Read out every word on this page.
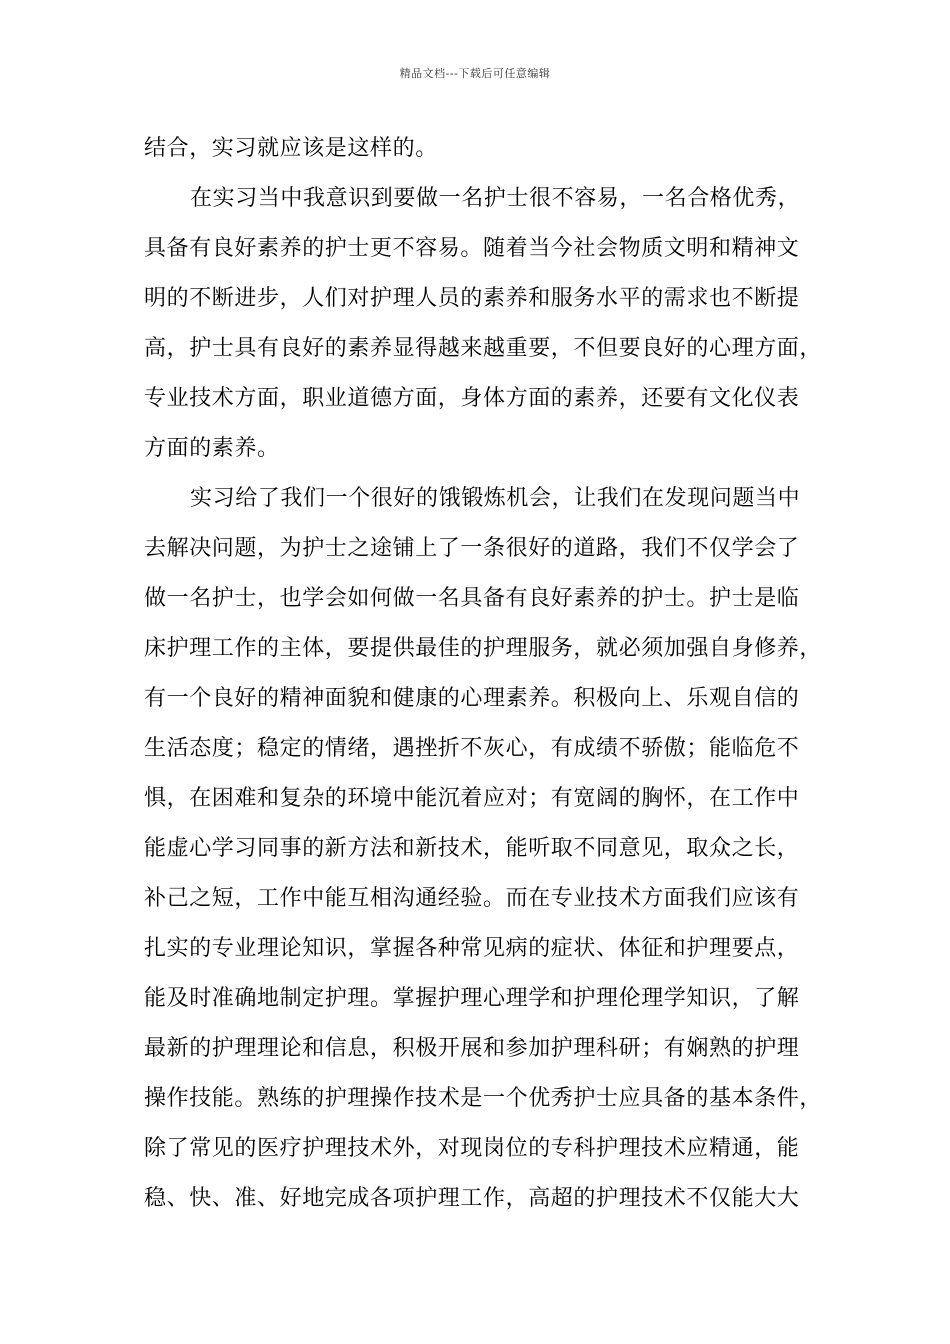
精品文档---下载后可任意编辑
结合，实习就应该是这样的。
在实习当中我意识到要做一名护士很不容易，一名合格优秀，
具备有良好素养的护士更不容易。随着当今社会物质文明和精神文
明的不断进步，人们对护理人员的素养和服务水平的需求也不断提
高，护士具有良好的素养显得越来越重要，不但要良好的心理方面，
专业技术方面，职业道德方面，身体方面的素养，还要有文化仪表
方面的素养。
实习给了我们一个很好的饿锻炼机会，让我们在发现问题当中
去解决问题，为护士之途铺上了一条很好的道路，我们不仅学会了
做一名护士，也学会如何做一名具备有良好素养的护士。护士是临
床护理工作的主体，要提供最佳的护理服务，就必须加强自身修养，
有一个良好的精神面貌和健康的心理素养。积极向上、乐观自信的
生活态度；稳定的情绪，遇挫折不灰心，有成绩不骄傲；能临危不
惧，在困难和复杂的环境中能沉着应对；有宽阔的胸怀，在工作中
能虚心学习同事的新方法和新技术，能听取不同意见，取众之长，
补己之短，工作中能互相沟通经验。而在专业技术方面我们应该有
扎实的专业理论知识，掌握各种常见病的症状、体征和护理要点，
能及时准确地制定护理。掌握护理心理学和护理伦理学知识，了解
最新的护理理论和信息，积极开展和参加护理科研；有娴熟的护理
操作技能。熟练的护理操作技术是一个优秀护士应具备的基本条件，
除了常见的医疗护理技术外，对现岗位的专科护理技术应精通，能
稳、快、准、好地完成各项护理工作，高超的护理技术不仅能大大
